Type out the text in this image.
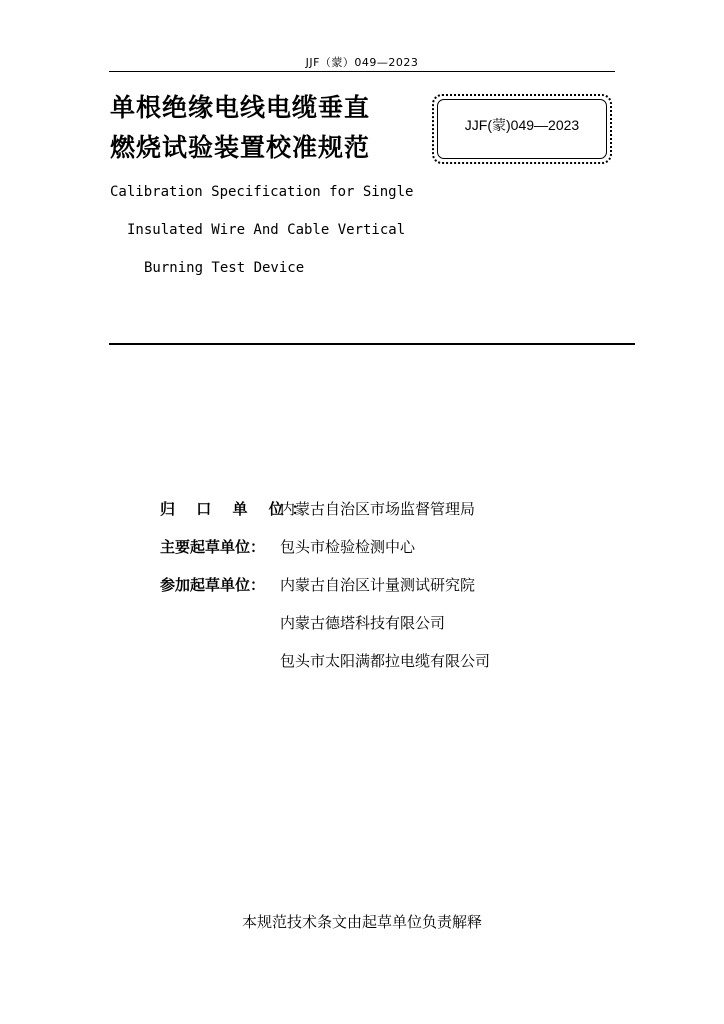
JJF（蒙）049—2023
单根绝缘电线电缆垂直
燃烧试验装置校准规范
JJF(蒙)049—2023
Calibration Specification for Single
Insulated Wire And Cable Vertical
Burning Test Device
归 口 单 位：
内蒙古自治区市场监督管理局
主要起草单位： 包头市检验检测中心
参加起草单位： 内蒙古自治区计量测试研究院
内蒙古德塔科技有限公司
包头市太阳满都拉电缆有限公司
本规范技术条文由起草单位负责解释
